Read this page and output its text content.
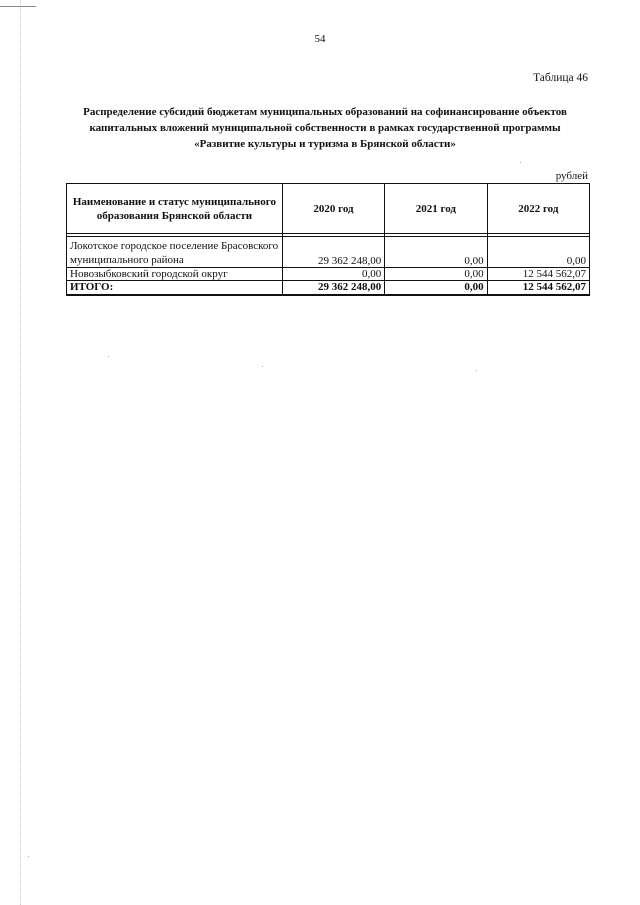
54
Таблица 46
Распределение субсидий бюджетам муниципальных образований на софинансирование объектов
капитальных вложений муниципальной собственности в рамках государственной программы
«Развитие культуры и туризма в Брянской области»
рублей
Наименование и статус муниципального образования Брянской области	2020 год	2021 год	2022 год

Локотское городское поселение Брасовского муниципального района	29 362 248,00	0,00	0,00
Новозыбковский городской округ	0,00	0,00	12 544 562,07
ИТОГО:	29 362 248,00	0,00	12 544 562,07
